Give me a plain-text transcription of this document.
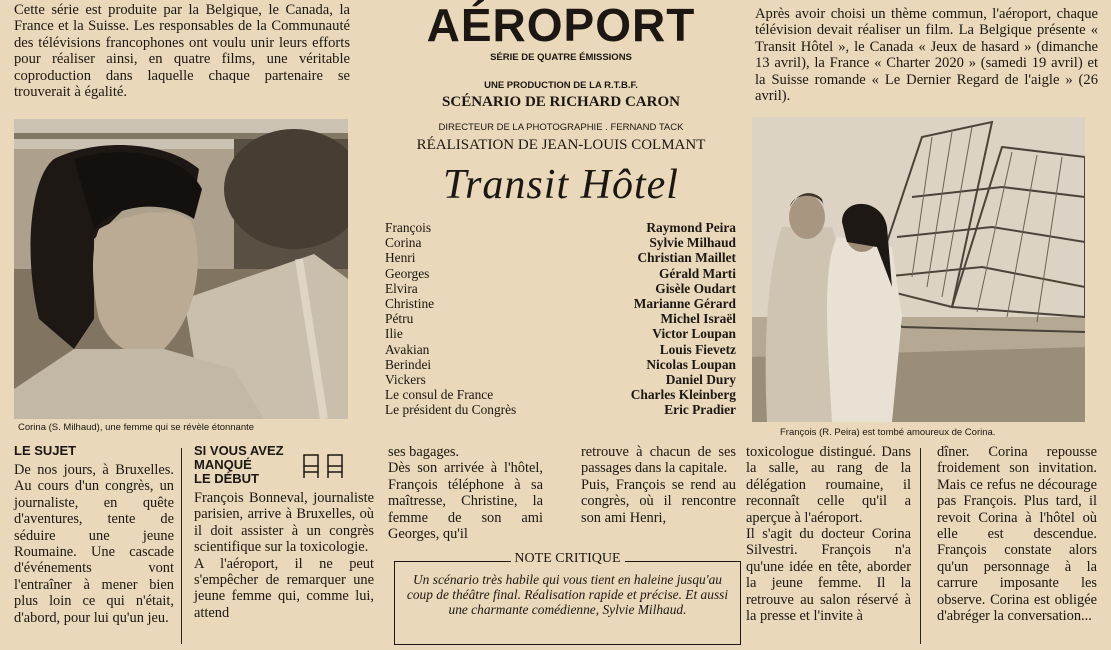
Cette série est produite par la Belgique, le Canada, la France et la Suisse. Les responsables de la Communauté des télévisions francophones ont voulu unir leurs efforts pour réaliser ainsi, en quatre films, une véritable coproduction dans laquelle chaque partenaire se trouverait à égalité.

AÉROPORT
SÉRIE DE QUATRE ÉMISSIONS
UNE PRODUCTION DE LA R.T.B.F.
SCÉNARIO DE RICHARD CARON
DIRECTEUR DE LA PHOTOGRAPHIE . FERNAND TACK
RÉALISATION DE JEAN-LOUIS COLMANT
Transit Hôtel
François	Raymond Peira
Corina	Sylvie Milhaud
Henri	Christian Maillet
Georges	Gérald Marti
Elvira	Gisèle Oudart
Christine	Marianne Gérard
Pétru	Michel Israël
Ilie	Victor Loupan
Avakian	Louis Fievetz
Berindei	Nicolas Loupan
Vickers	Daniel Dury
Le consul de France	Charles Kleinberg
Le président du Congrès	Eric Pradier

Après avoir choisi un thème commun, l'aéroport, chaque télévision devait réaliser un film. La Belgique présente « Transit Hôtel », le Canada « Jeux de hasard » (dimanche 13 avril), la France « Charter 2020 » (samedi 19 avril) et la Suisse romande « Le Dernier Regard de l'aigle » (26 avril).

Corina (S. Milhaud), une femme qui se révèle étonnante	François (R. Peira) est tombé amoureux de Corina.
LE SUJET

De nos jours, à Bruxelles. Au cours d'un congrès, un journaliste, en quête d'aventures, tente de séduire une jeune Roumaine. Une cascade d'événements vont l'entraîner à mener bien plus loin ce qui n'était, d'abord, pour lui qu'un jeu.

SI VOUS AVEZ
MANQUÉ
LE DÉBUT

François Bonneval, journaliste parisien, arrive à Bruxelles, où il doit assister à un congrès scientifique sur la toxicologie.

A l'aéroport, il ne peut s'empêcher de remarquer une jeune femme qui, comme lui, attend

ses bagages.

Dès son arrivée à l'hôtel, François téléphone à sa maîtresse, Christine, la femme de son ami Georges, qu'il

retrouve à chacun de ses passages dans la capitale.

Puis, François se rend au congrès, où il rencontre son ami Henri,

NOTE CRITIQUE
Un scénario très habile qui vous tient en haleine jusqu'au coup de théâtre final. Réalisation rapide et précise. Et aussi une charmante comédienne, Sylvie Milhaud.

toxicologue distingué. Dans la salle, au rang de la délégation roumaine, il reconnaît celle qu'il a aperçue à l'aéroport.

Il s'agit du docteur Corina Silvestri. François n'a qu'une idée en tête, aborder la jeune femme. Il la retrouve au salon réservé à la presse et l'invite à

dîner. Corina repousse froidement son invitation. Mais ce refus ne décourage pas François. Plus tard, il revoit Corina à l'hôtel où elle est descendue. François constate alors qu'un personnage à la carrure imposante les observe. Corina est obligée d'abréger la conversation...
